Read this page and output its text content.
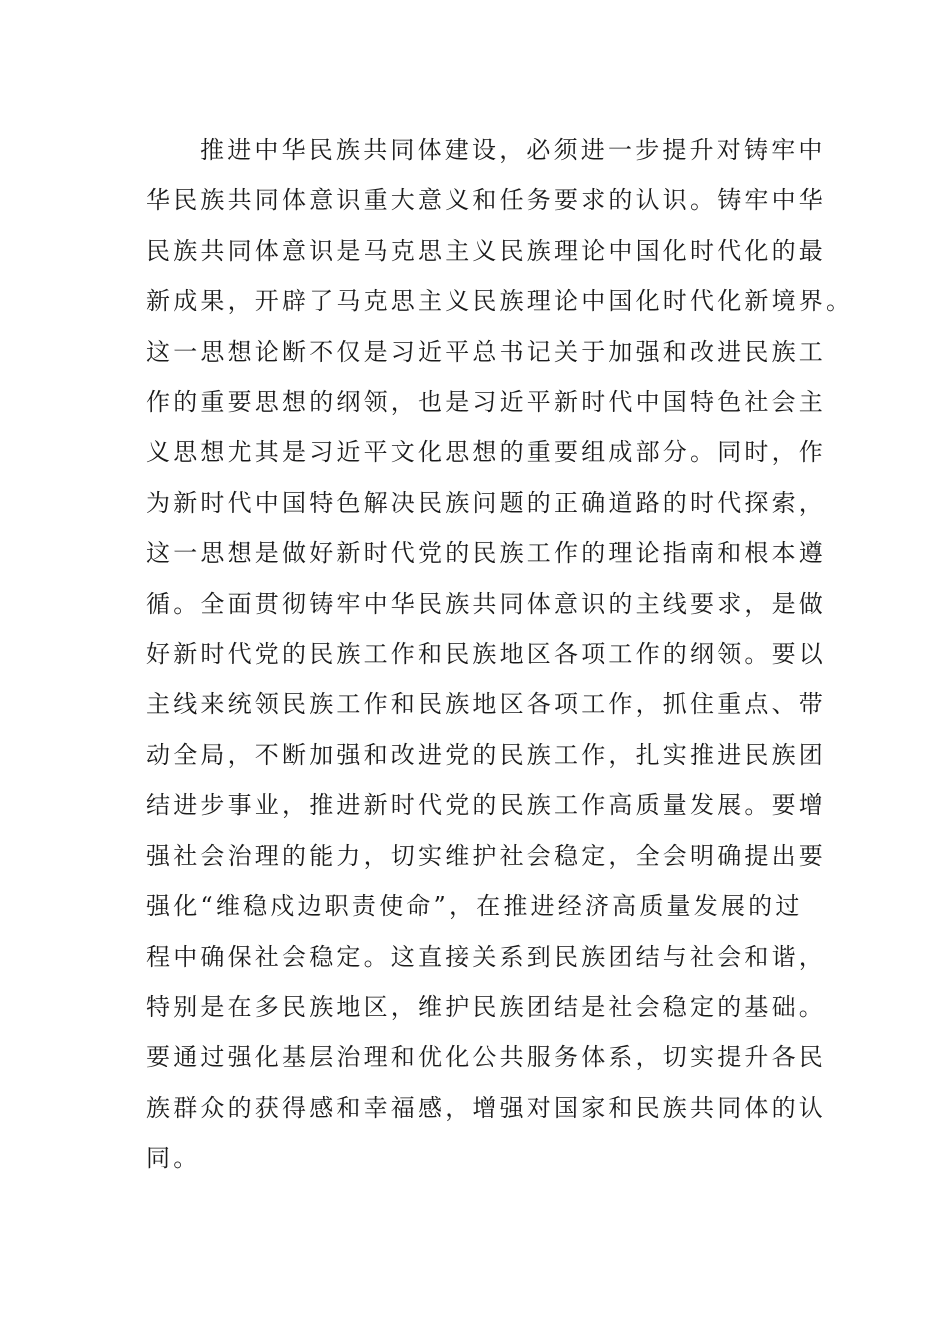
推进中华民族共同体建设，必须进一步提升对铸牢中
华民族共同体意识重大意义和任务要求的认识。铸牢中华
民族共同体意识是马克思主义民族理论中国化时代化的最
新成果，开辟了马克思主义民族理论中国化时代化新境界。
这一思想论断不仅是习近平总书记关于加强和改进民族工
作的重要思想的纲领，也是习近平新时代中国特色社会主
义思想尤其是习近平文化思想的重要组成部分。同时，作
为新时代中国特色解决民族问题的正确道路的时代探索，
这一思想是做好新时代党的民族工作的理论指南和根本遵
循。全面贯彻铸牢中华民族共同体意识的主线要求，是做
好新时代党的民族工作和民族地区各项工作的纲领。要以
主线来统领民族工作和民族地区各项工作，抓住重点、带
动全局，不断加强和改进党的民族工作，扎实推进民族团
结进步事业，推进新时代党的民族工作高质量发展。要增
强社会治理的能力，切实维护社会稳定，全会明确提出要
强化“维稳戍边职责使命”，在推进经济高质量发展的过
程中确保社会稳定。这直接关系到民族团结与社会和谐，
特别是在多民族地区，维护民族团结是社会稳定的基础。
要通过强化基层治理和优化公共服务体系，切实提升各民
族群众的获得感和幸福感，增强对国家和民族共同体的认
同。
